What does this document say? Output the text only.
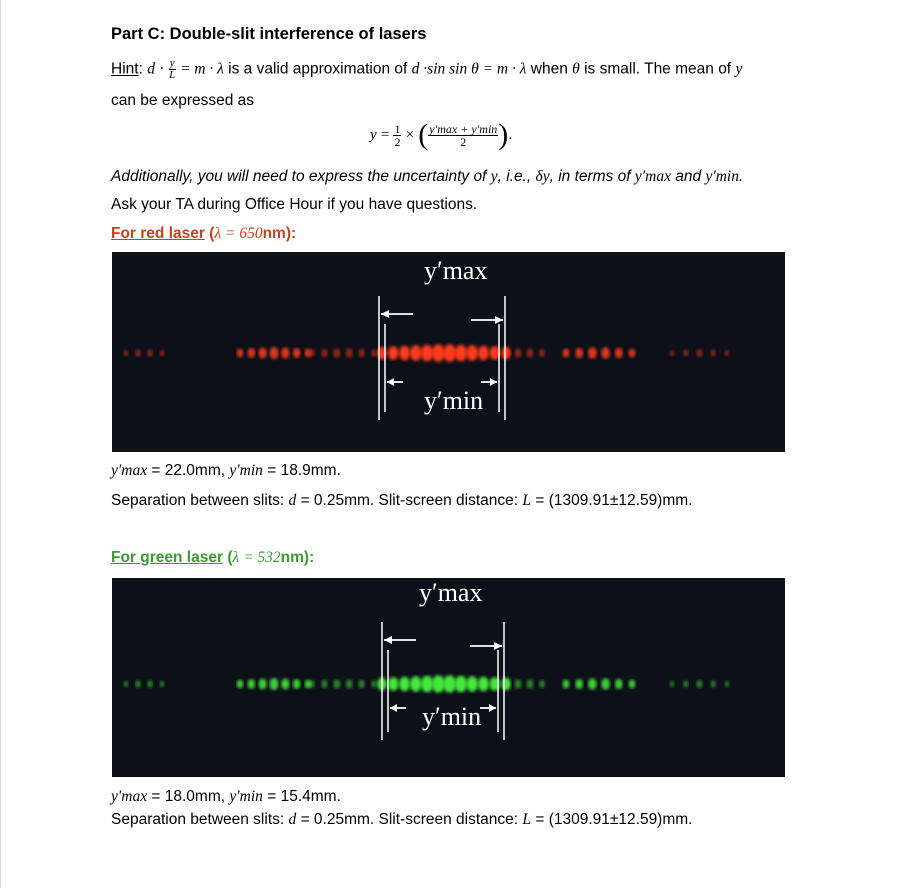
Part C: Double-slit interference of lasers
Hint: $d \cdot \frac{y}{L} = m \cdot \lambda$ is a valid approximation of d ·sin sin θ = m · λ when θ is small. The mean of y
can be expressed as
$y = \frac{1}{2}$ × ( $\frac{y'\max + y'\min}{2}$ ).
Additionally, you will need to express the uncertainty of y, i.e., δy, in terms of y′max and y′min.
Ask your TA during Office Hour if you have questions.
For red laser (λ = 650nm):
y′max
y′min
y′max = 22.0mm, y′min = 18.9mm.
Separation between slits: d = 0.25mm. Slit-screen distance: L = (1309.91±12.59)mm.
For green laser (λ = 532nm):
y′max
y′min
y′max = 18.0mm, y′min = 15.4mm.
Separation between slits: d = 0.25mm. Slit-screen distance: L = (1309.91±12.59)mm.
